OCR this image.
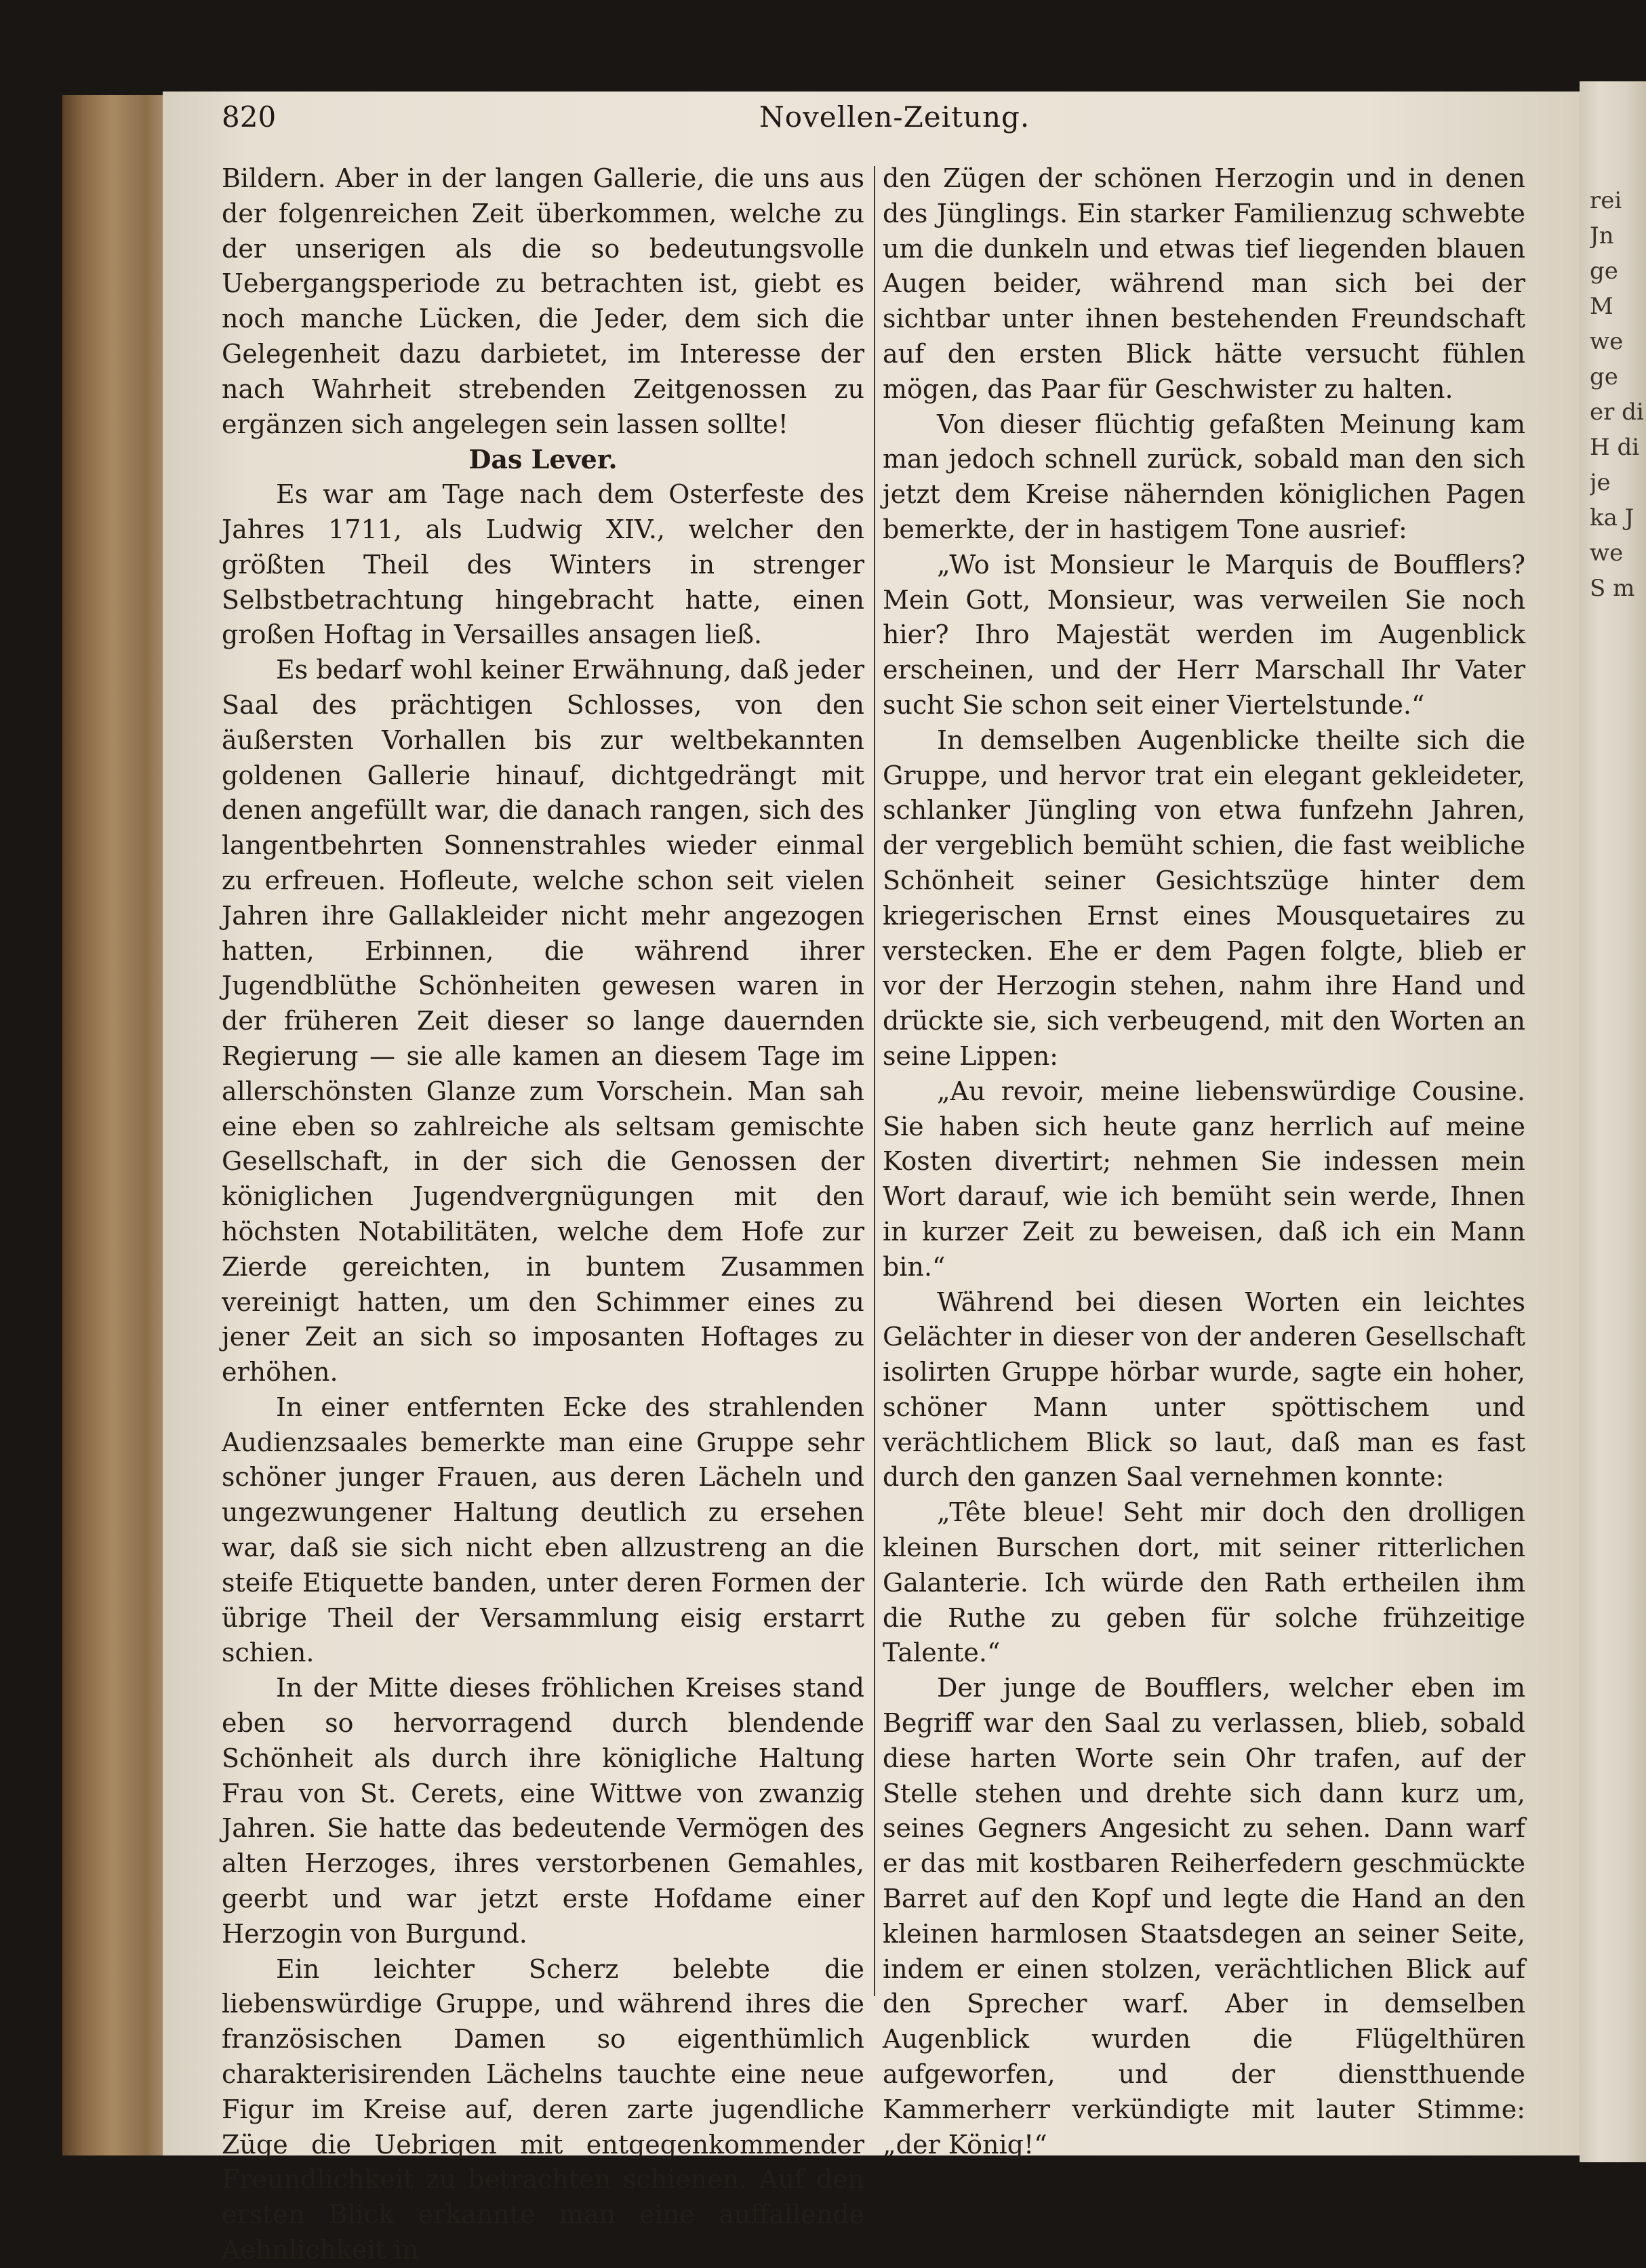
rei Jn ge M we ge er di H di je ka J we S m
820	Novellen-Zeitung.

Bildern. Aber in der langen Gallerie, die uns aus der folgenreichen Zeit überkommen, welche zu der unserigen als die so bedeutungsvolle Uebergangsperiode zu betrachten ist, giebt es noch manche Lücken, die Jeder, dem sich die Gelegenheit dazu darbietet, im Interesse der nach Wahrheit strebenden Zeitgenossen zu ergänzen sich angelegen sein lassen sollte!

Das Lever.

Es war am Tage nach dem Osterfeste des Jahres 1711, als Ludwig XIV., welcher den größten Theil des Winters in strenger Selbstbetrachtung hingebracht hatte, einen großen Hoftag in Versailles ansagen ließ.

Es bedarf wohl keiner Erwähnung, daß jeder Saal des prächtigen Schlosses, von den äußersten Vorhallen bis zur weltbekannten goldenen Gallerie hinauf, dichtgedrängt mit denen angefüllt war, die danach rangen, sich des langentbehrten Sonnenstrahles wieder einmal zu erfreuen. Hofleute, welche schon seit vielen Jahren ihre Gallakleider nicht mehr angezogen hatten, Erbinnen, die während ihrer Jugendblüthe Schönheiten gewesen waren in der früheren Zeit dieser so lange dauernden Regierung — sie alle kamen an diesem Tage im allerschönsten Glanze zum Vorschein. Man sah eine eben so zahlreiche als seltsam gemischte Gesellschaft, in der sich die Genossen der königlichen Jugendvergnügungen mit den höchsten Notabilitäten, welche dem Hofe zur Zierde gereichten, in buntem Zusammen vereinigt hatten, um den Schimmer eines zu jener Zeit an sich so imposanten Hoftages zu erhöhen.

In einer entfernten Ecke des strahlenden Audienzsaales bemerkte man eine Gruppe sehr schöner junger Frauen, aus deren Lächeln und ungezwungener Haltung deutlich zu ersehen war, daß sie sich nicht eben allzustreng an die steife Etiquette banden, unter deren Formen der übrige Theil der Versammlung eisig erstarrt schien.

In der Mitte dieses fröhlichen Kreises stand eben so hervorragend durch blendende Schönheit als durch ihre königliche Haltung Frau von St. Cerets, eine Wittwe von zwanzig Jahren. Sie hatte das bedeutende Vermögen des alten Herzoges, ihres verstorbenen Gemahles, geerbt und war jetzt erste Hofdame einer Herzogin von Burgund.

Ein leichter Scherz belebte die liebenswürdige Gruppe, und während ihres die französischen Damen so eigenthümlich charakterisirenden Lächelns tauchte eine neue Figur im Kreise auf, deren zarte jugendliche Züge die Uebrigen mit entgegenkommender Freundlichkeit zu betrachten schienen. Auf den ersten Blick erkannte man eine auffallende Aehnlichkeit in

den Zügen der schönen Herzogin und in denen des Jünglings. Ein starker Familienzug schwebte um die dunkeln und etwas tief liegenden blauen Augen beider, während man sich bei der sichtbar unter ihnen bestehenden Freundschaft auf den ersten Blick hätte versucht fühlen mögen, das Paar für Geschwister zu halten.

Von dieser flüchtig gefaßten Meinung kam man jedoch schnell zurück, sobald man den sich jetzt dem Kreise nähernden königlichen Pagen bemerkte, der in hastigem Tone ausrief:

„Wo ist Monsieur le Marquis de Boufflers? Mein Gott, Monsieur, was verweilen Sie noch hier? Ihro Majestät werden im Augenblick erscheinen, und der Herr Marschall Ihr Vater sucht Sie schon seit einer Viertelstunde.“

In demselben Augenblicke theilte sich die Gruppe, und hervor trat ein elegant gekleideter, schlanker Jüngling von etwa funfzehn Jahren, der vergeblich bemüht schien, die fast weibliche Schönheit seiner Gesichtszüge hinter dem kriegerischen Ernst eines Mousquetaires zu verstecken. Ehe er dem Pagen folgte, blieb er vor der Herzogin stehen, nahm ihre Hand und drückte sie, sich verbeugend, mit den Worten an seine Lippen:

„Au revoir, meine liebenswürdige Cousine. Sie haben sich heute ganz herrlich auf meine Kosten divertirt; nehmen Sie indessen mein Wort darauf, wie ich bemüht sein werde, Ihnen in kurzer Zeit zu beweisen, daß ich ein Mann bin.“

Während bei diesen Worten ein leichtes Gelächter in dieser von der anderen Gesellschaft isolirten Gruppe hörbar wurde, sagte ein hoher, schöner Mann unter spöttischem und verächtlichem Blick so laut, daß man es fast durch den ganzen Saal vernehmen konnte:

„Tête bleue! Seht mir doch den drolligen kleinen Burschen dort, mit seiner ritterlichen Galanterie. Ich würde den Rath ertheilen ihm die Ruthe zu geben für solche frühzeitige Talente.“

Der junge de Boufflers, welcher eben im Begriff war den Saal zu verlassen, blieb, sobald diese harten Worte sein Ohr trafen, auf der Stelle stehen und drehte sich dann kurz um, seines Gegners Angesicht zu sehen. Dann warf er das mit kostbaren Reiherfedern geschmückte Barret auf den Kopf und legte die Hand an den kleinen harmlosen Staatsdegen an seiner Seite, indem er einen stolzen, verächtlichen Blick auf den Sprecher warf. Aber in demselben Augenblick wurden die Flügelthüren aufgeworfen, und der dienstthuende Kammerherr verkündigte mit lauter Stimme: „der König!“
